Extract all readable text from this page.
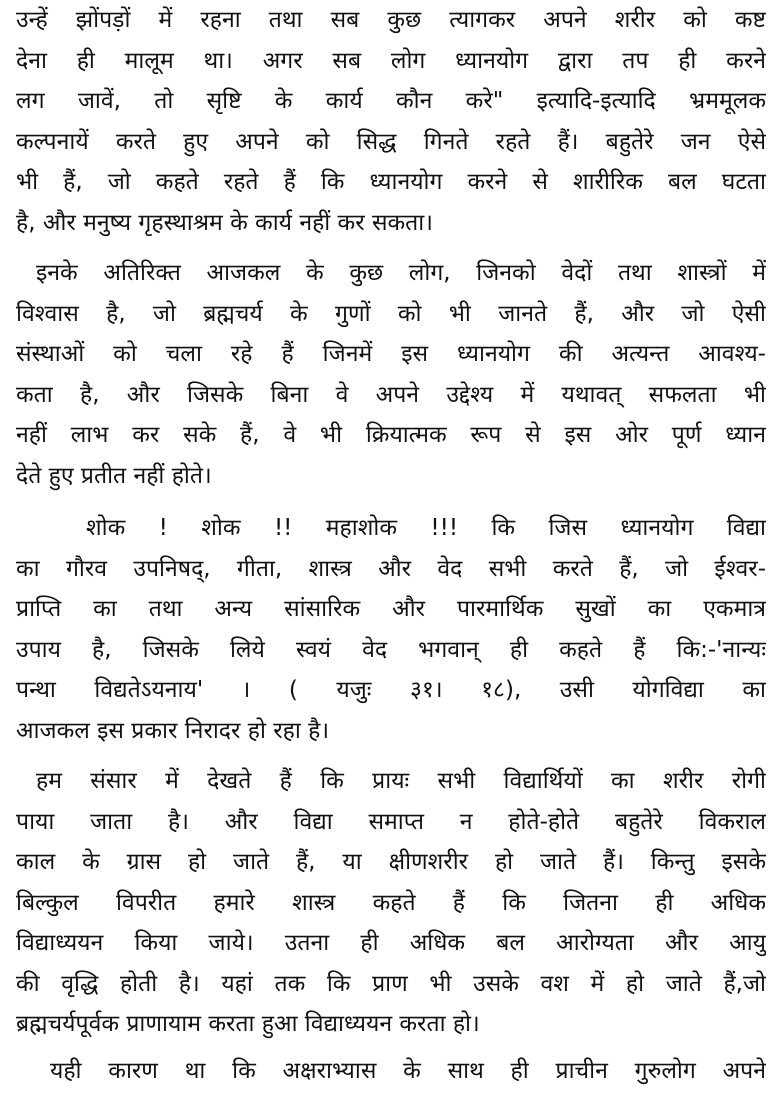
उन्हें झोंपड़ों में रहना तथा सब कुछ त्यागकर अपने शरीर को कष्ट
देना ही मालूम था। अगर सब लोग ध्यानयोग द्वारा तप ही करने
लग जावें, तो सृष्टि के कार्य कौन करे" इत्यादि-इत्यादि भ्रममूलक
कल्पनायें करते हुए अपने को सिद्ध गिनते रहते हैं। बहुतेरे जन ऐसे
भी हैं, जो कहते रहते हैं कि ध्यानयोग करने से शारीरिक बल घटता
है, और मनुष्य गृहस्थाश्रम के कार्य नहीं कर सकता।
इनके अतिरिक्त आजकल के कुछ लोग, जिनको वेदों तथा शास्त्रों में
विश्वास है, जो ब्रह्मचर्य के गुणों को भी जानते हैं, और जो ऐसी
संस्थाओं को चला रहे हैं जिनमें इस ध्यानयोग की अत्यन्त आवश्य-
कता है, और जिसके बिना वे अपने उद्देश्य में यथावत् सफलता भी
नहीं लाभ कर सके हैं, वे भी क्रियात्मक रूप से इस ओर पूर्ण ध्यान
देते हुए प्रतीत नहीं होते।
शोक ! शोक !! महाशोक !!! कि जिस ध्यानयोग विद्या
का गौरव उपनिषद्, गीता, शास्त्र और वेद सभी करते हैं, जो ईश्वर-
प्राप्ति का तथा अन्य सांसारिक और पारमार्थिक सुखों का एकमात्र
उपाय है, जिसके लिये स्वयं वेद भगवान् ही कहते हैं कि:-'नान्यः
पन्था विद्यतेऽयनाय' । ( यजुः ३१। १८), उसी योगविद्या का
आजकल इस प्रकार निरादर हो रहा है।
हम संसार में देखते हैं कि प्रायः सभी विद्यार्थियों का शरीर रोगी
पाया जाता है। और विद्या समाप्त न होते-होते बहुतेरे विकराल
काल के ग्रास हो जाते हैं, या क्षीणशरीर हो जाते हैं। किन्तु इसके
बिल्कुल विपरीत हमारे शास्त्र कहते हैं कि जितना ही अधिक
विद्याध्ययन किया जाये। उतना ही अधिक बल आरोग्यता और आयु
की वृद्धि होती है। यहां तक कि प्राण भी उसके वश में हो जाते हैं,जो
ब्रह्मचर्यपूर्वक प्राणायाम करता हुआ विद्याध्ययन करता हो।
यही कारण था कि अक्षराभ्यास के साथ ही प्राचीन गुरुलोग अपने
